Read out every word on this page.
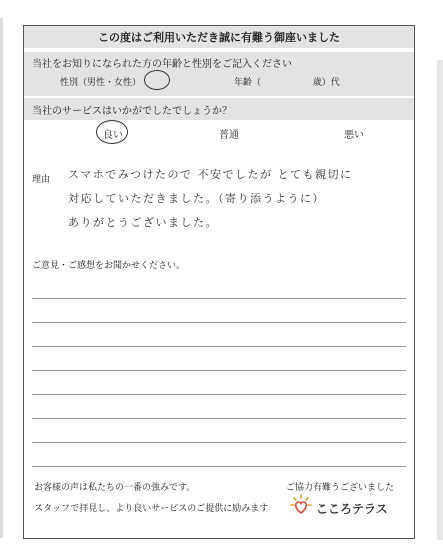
この度はご利用いただき誠に有難う御座いました
当社をお知りになられた方の年齢と性別をご記入ください
性別（男性・女性）	年齢（	歳）代
当社のサービスはいかがでしたでしょうか？
良い	普通	悪い
理由 スマホでみつけたので 不安でしたが とても親切に
対応していただきました。（寄り添うように）
ありがとうございました。
ご意見・ご感想をお聞かせください。
お客様の声は私たちの一番の強みです。	ご協力有難うございました
スタッフで拝見し、より良いサービスのご提供に励みます	こころテラス
